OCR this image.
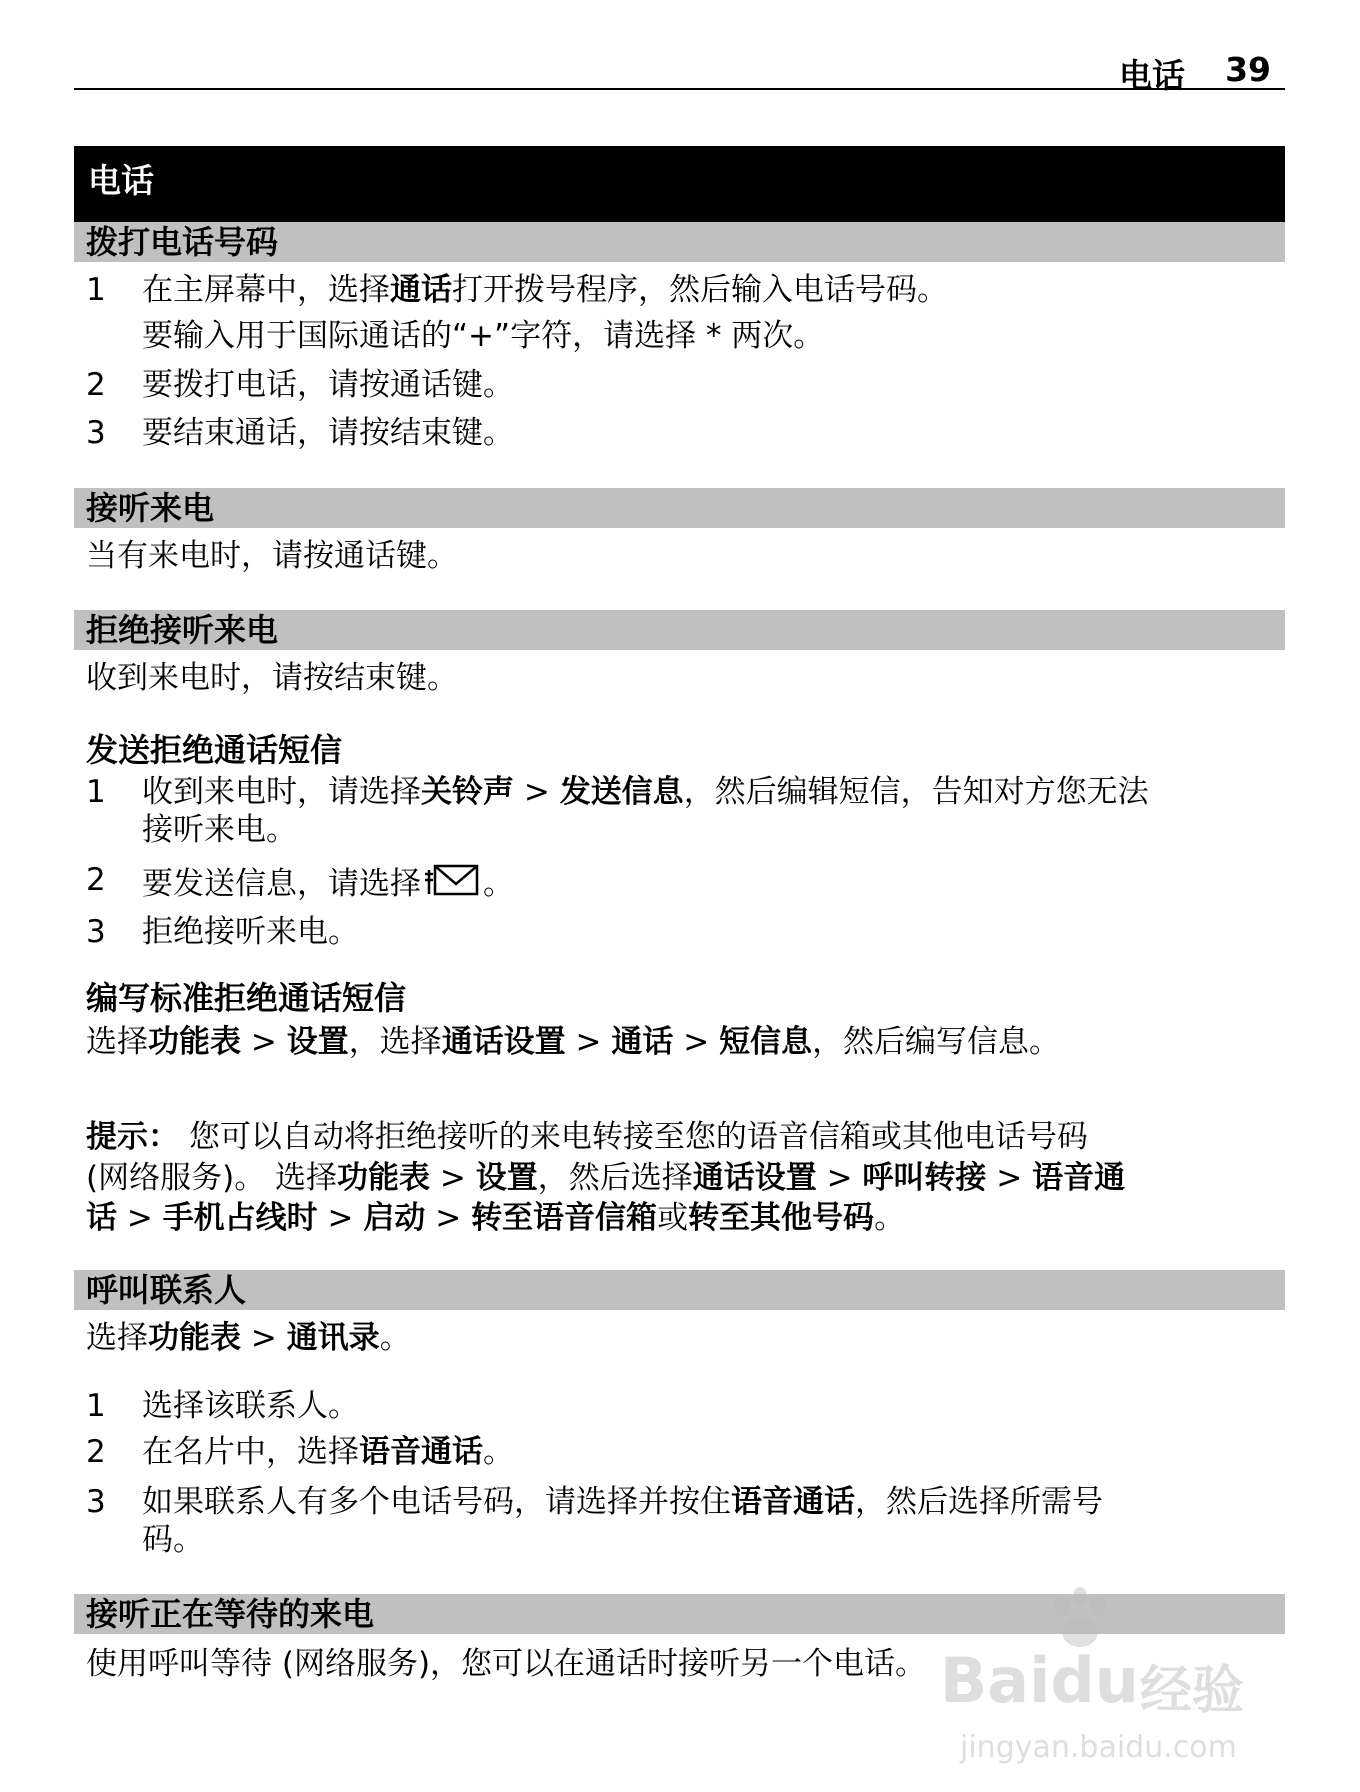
电话 39
电话
拨打电话号码
1 在主屏幕中，选择通话打开拨号程序，然后输入电话号码。
要输入用于国际通话的“+”字符，请选择 * 两次。
2 要拨打电话，请按通话键。
3 要结束通话，请按结束键。
接听来电
当有来电时，请按通话键。
拒绝接听来电
收到来电时，请按结束键。
发送拒绝通话短信
1 收到来电时，请选择关铃声 > 发送信息，然后编辑短信，告知对方您无法
接听来电。
2 要发送信息，请选择 。
3 拒绝接听来电。
编写标准拒绝通话短信
选择功能表 > 设置，选择通话设置 > 通话 > 短信息，然后编写信息。
提示： 您可以自动将拒绝接听的来电转接至您的语音信箱或其他电话号码
(网络服务)。 选择功能表 > 设置，然后选择通话设置 > 呼叫转接 > 语音通
话 > 手机占线时 > 启动 > 转至语音信箱或转至其他号码。
呼叫联系人
选择功能表 > 通讯录。
1 选择该联系人。
2 在名片中，选择语音通话。
3 如果联系人有多个电话号码，请选择并按住语音通话，然后选择所需号
码。
接听正在等待的来电
使用呼叫等待 (网络服务)，您可以在通话时接听另一个电话。 Baidu 经验
jingyan.baidu.com
